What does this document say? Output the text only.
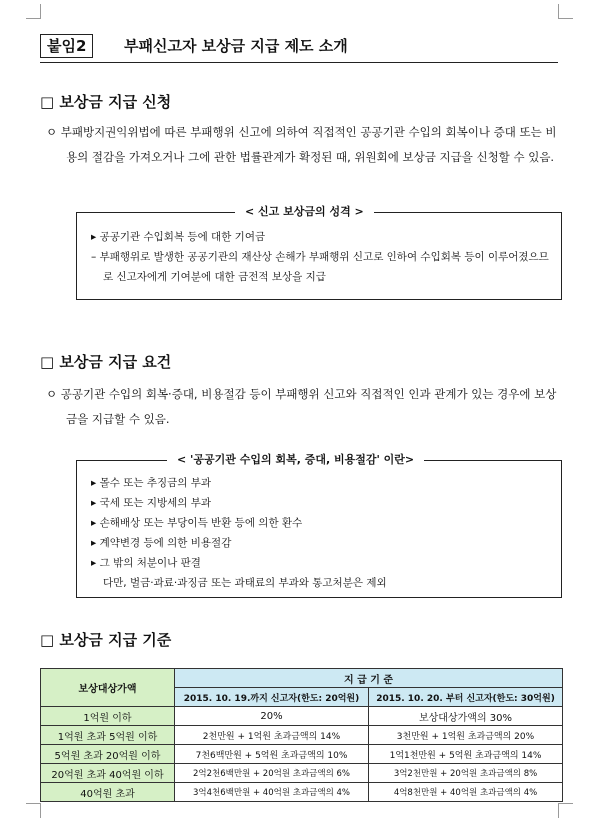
붙임2	부패신고자 보상금 지급 제도 소개
□ 보상금 지급 신청

ㅇ 부패방지권익위법에 따른 부패행위 신고에 의하여 직접적인 공공기관 수입의 회복이나 증대 또는 비용의 절감을 가져오거나 그에 관한 법률관계가 확정된 때, 위원회에 보상금 지급을 신청할 수 있음.

< 신고 보상금의 성격 >
▸ 공공기관 수입회복 등에 대한 기여금
– 부패행위로 발생한 공공기관의 재산상 손해가 부패행위 신고로 인하여 수입회복 등이 이루어졌으므로 신고자에게 기여분에 대한 금전적 보상을 지급
□ 보상금 지급 요건

ㅇ 공공기관 수입의 회복·증대, 비용절감 등이 부패행위 신고와 직접적인 인과 관계가 있는 경우에 보상금을 지급할 수 있음.

< '공공기관 수입의 회복, 증대, 비용절감' 이란>
▸ 몰수 또는 추징금의 부과
▸ 국세 또는 지방세의 부과
▸ 손해배상 또는 부당이득 반환 등에 의한 환수
▸ 계약변경 등에 의한 비용절감
▸ 그 밖의 처분이나 판결
다만, 벌금·과료·과징금 또는 과태료의 부과와 통고처분은 제외
□ 보상금 지급 기준
보상대상가액	지 급 기 준	
	2015. 10. 19.까지 신고자(한도: 20억원)	2015. 10. 20. 부터 신고자(한도: 30억원)
1억원 이하	20%	보상대상가액의 30%
1억원 초과 5억원 이하	2천만원 + 1억원 초과금액의 14%	3천만원 + 1억원 초과금액의 20%
5억원 초과 20억원 이하	7천6백만원 + 5억원 초과금액의 10%	1억1천만원 + 5억원 초과금액의 14%
20억원 초과 40억원 이하	2억2천6백만원 + 20억원 초과금액의 6%	3억2천만원 + 20억원 초과금액의 8%
40억원 초과	3억4천6백만원 + 40억원 초과금액의 4%	4억8천만원 + 40억원 초과금액의 4%
